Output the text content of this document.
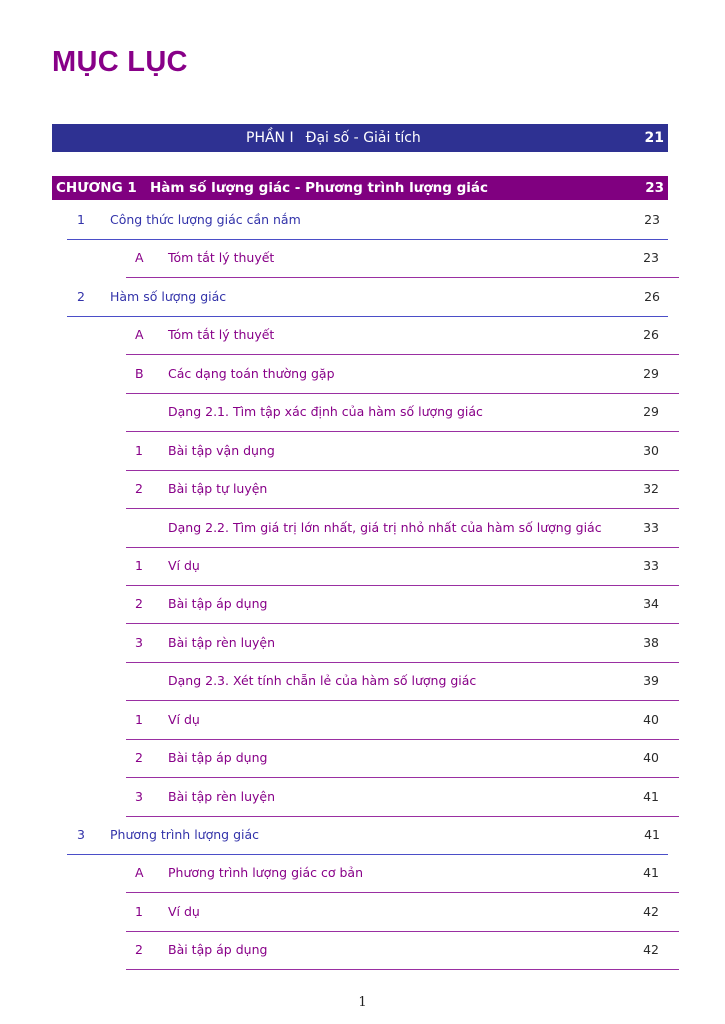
MỤC LỤC
PHẦN I Đại số - Giải tích	21
CHƯƠNG 1 Hàm số lượng giác - Phương trình lượng giác	23
1 Công thức lượng giác cần nắm	23
A Tóm tắt lý thuyết	23
2 Hàm số lượng giác	26
A Tóm tắt lý thuyết	26
B Các dạng toán thường gặp	29
Dạng 2.1. Tìm tập xác định của hàm số lượng giác	29
1 Bài tập vận dụng	30
2 Bài tập tự luyện	32
Dạng 2.2. Tìm giá trị lớn nhất, giá trị nhỏ nhất của hàm số lượng giác	33
1 Ví dụ	33
2 Bài tập áp dụng	34
3 Bài tập rèn luyện	38
Dạng 2.3. Xét tính chẵn lẻ của hàm số lượng giác	39
1 Ví dụ	40
2 Bài tập áp dụng	40
3 Bài tập rèn luyện	41
3 Phương trình lượng giác	41
A Phương trình lượng giác cơ bản	41
1 Ví dụ	42
2 Bài tập áp dụng	42
1
